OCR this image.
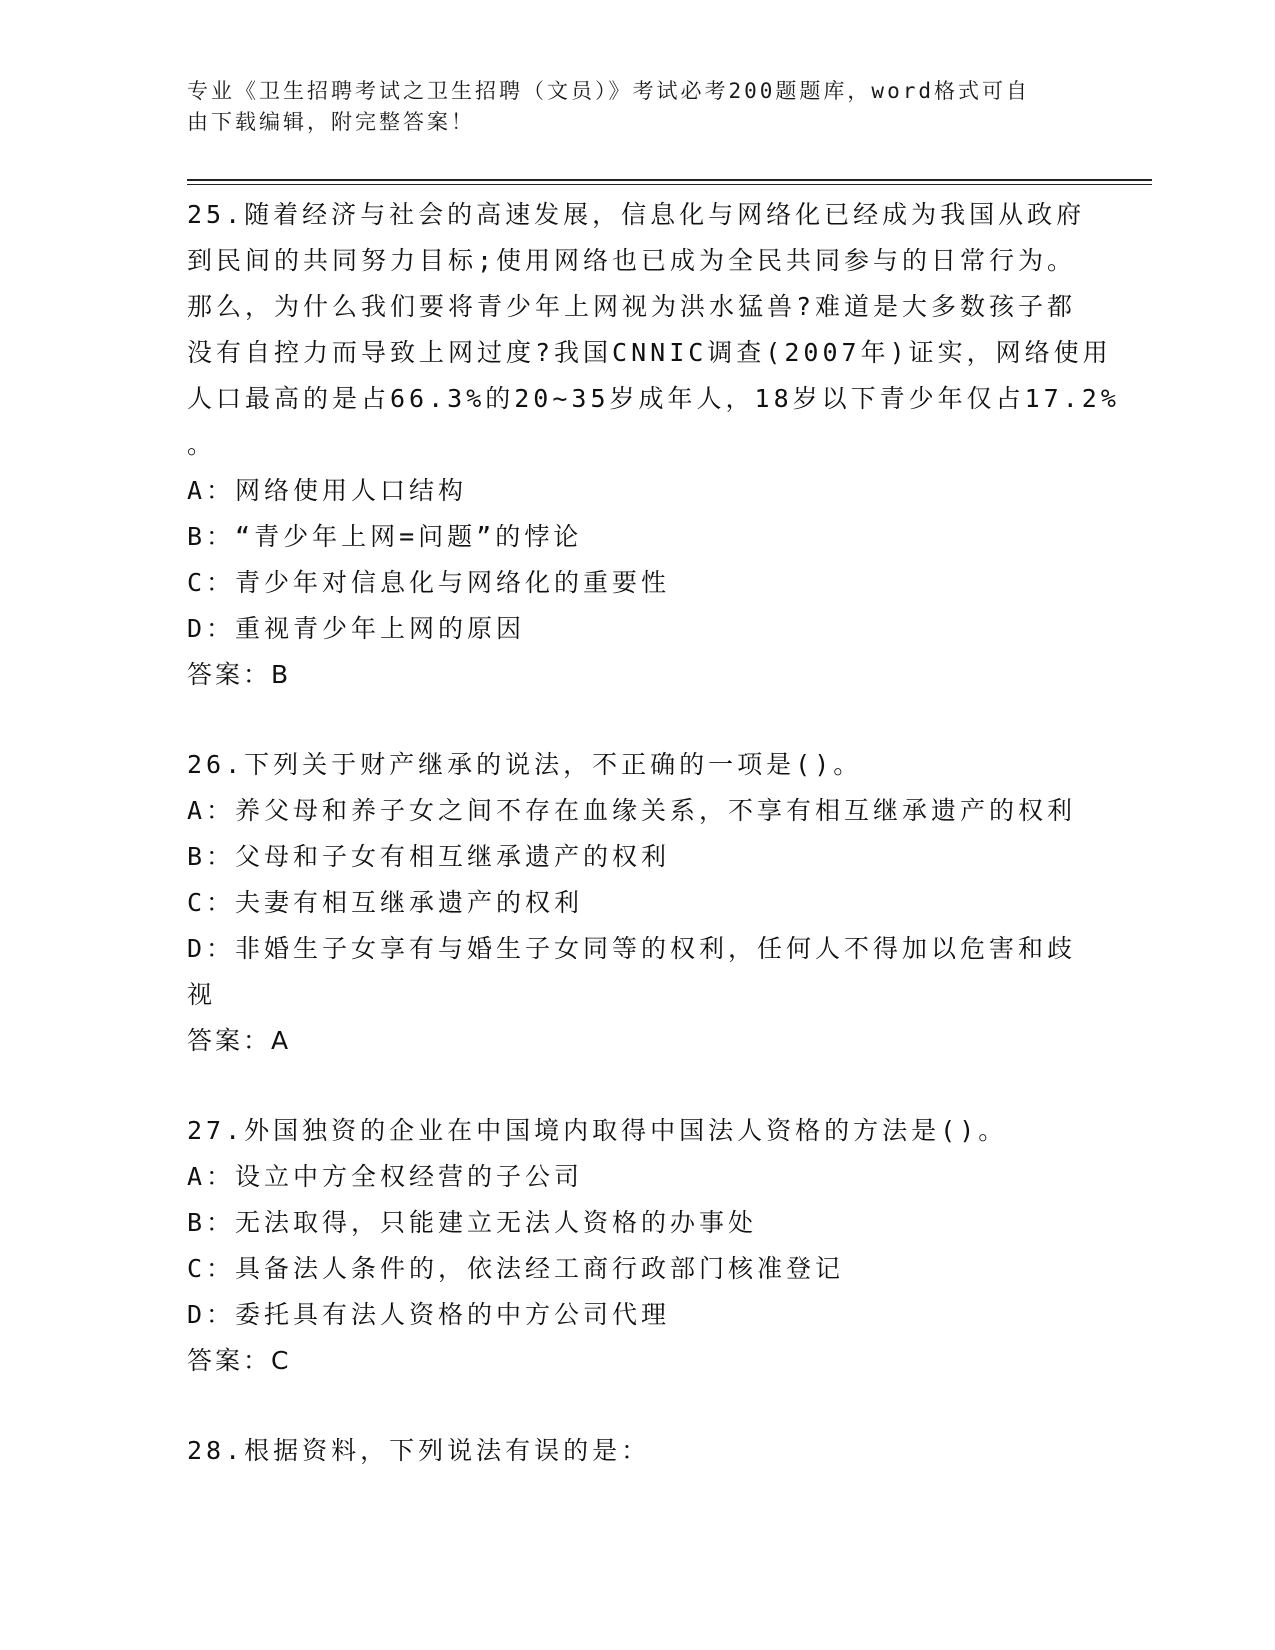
专业《卫生招聘考试之卫生招聘（文员）》考试必考200题题库，word格式可自
由下载编辑，附完整答案！
25.随着经济与社会的高速发展，信息化与网络化已经成为我国从政府
到民间的共同努力目标;使用网络也已成为全民共同参与的日常行为。
那么，为什么我们要将青少年上网视为洪水猛兽?难道是大多数孩子都
没有自控力而导致上网过度?我国CNNIC调查(2007年)证实，网络使用
人口最高的是占66.3%的20~35岁成年人，18岁以下青少年仅占17.2%
。
A：网络使用人口结构
B：“青少年上网=问题”的悖论
C：青少年对信息化与网络化的重要性
D：重视青少年上网的原因
答案：B
26.下列关于财产继承的说法，不正确的一项是()。
A：养父母和养子女之间不存在血缘关系，不享有相互继承遗产的权利
B：父母和子女有相互继承遗产的权利
C：夫妻有相互继承遗产的权利
D：非婚生子女享有与婚生子女同等的权利，任何人不得加以危害和歧
视
答案：A
27.外国独资的企业在中国境内取得中国法人资格的方法是()。
A：设立中方全权经营的子公司
B：无法取得，只能建立无法人资格的办事处
C：具备法人条件的，依法经工商行政部门核准登记
D：委托具有法人资格的中方公司代理
答案：C
28.根据资料，下列说法有误的是：
